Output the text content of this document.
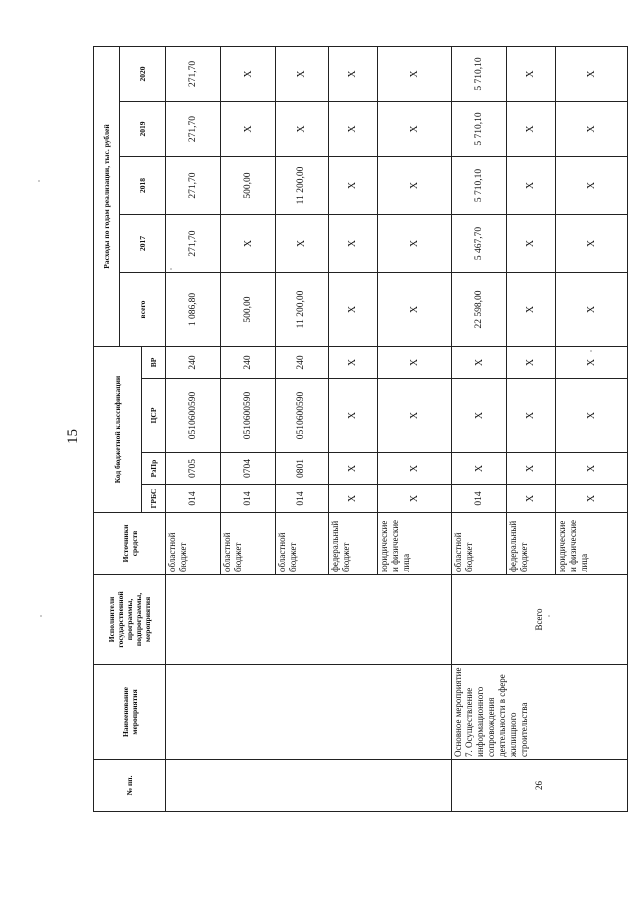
15
№ пп.	Наименование мероприятия	Исполнители государственной программы, подпрограммы, мероприятия	Источники средств	Код бюджетной классификации				Расходы по годам реализации, тыс. рублей				
								всего	2017	2018	2019	2020
				ГРБС	РзПр	ЦСР	ВР					
			областной бюджет	014	0705	0510600590	240	1 086,80	271,70	271,70	271,70	271,70
			областной бюджет	014	0704	0510600590	240	500,00	X	500,00	X	X
			областной бюджет	014	0801	0510600590	240	11 200,00	X	11 200,00	X	X
			федеральный бюджет	X	X	X	X	X	X	X	X	X
			юридические и физические лица	X	X	X	X	X	X	X	X	X
26	Основное мероприятие 7. Осуществление информационного сопровождения деятельности в сфере жилищного строительства	Всего	областной бюджет	014	X	X	X	22 598,00	5 467,70	5 710,10	5 710,10	5 710,10
			федеральный бюджет	X	X	X	X	X	X	X	X	X
			юридические и физические лица	X	X	X	X	X	X	X	X	X
